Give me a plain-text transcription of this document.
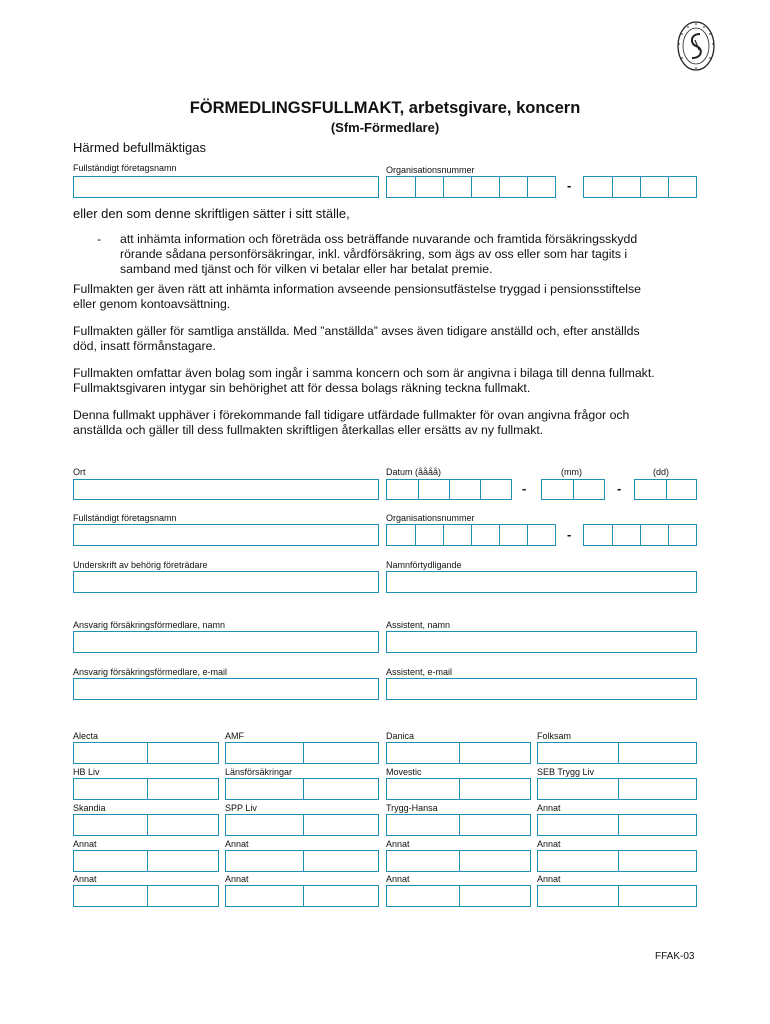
FÖRMEDLINGSFULLMAKT, arbetsgivare, koncern
(Sfm-Förmedlare)
Härmed befullmäktigas
Fullständigt företagsnamn	Organisationsnummer
-
eller den som denne skriftligen sätter i sitt ställe,
- att inhämta information och företräda oss beträffande nuvarande och framtida försäkringsskydd
rörande sådana personförsäkringar, inkl. vårdförsäkring, som ägs av oss eller som har tagits i
samband med tjänst och för vilken vi betalar eller har betalat premie.
Fullmakten ger även rätt att inhämta information avseende pensionsutfästelse tryggad i pensionsstiftelse
eller genom kontoavsättning.
Fullmakten gäller för samtliga anställda. Med ”anställda” avses även tidigare anställd och, efter anställds
död, insatt förmånstagare.
Fullmakten omfattar även bolag som ingår i samma koncern och som är angivna i bilaga till denna fullmakt.
Fullmaktsgivaren intygar sin behörighet att för dessa bolags räkning teckna fullmakt.
Denna fullmakt upphäver i förekommande fall tidigare utfärdade fullmakter för ovan angivna frågor och
anställda och gäller till dess fullmakten skriftligen återkallas eller ersätts av ny fullmakt.
Ort	Datum (åååå)	(mm)	(dd)
-	-
Fullständigt företagsnamn	Organisationsnummer
-
Underskrift av behörig företrädare	Namnförtydligande
Ansvarig försäkringsförmedlare, namn	Assistent, namn
Ansvarig försäkringsförmedlare, e-mail	Assistent, e-mail
Alecta	AMF	Danica	Folksam
HB Liv	Länsförsäkringar	Movestic	SEB Trygg Liv
Skandia	SPP Liv	Trygg-Hansa	Annat
Annat	Annat	Annat	Annat
Annat	Annat	Annat	Annat
FFAK-03
